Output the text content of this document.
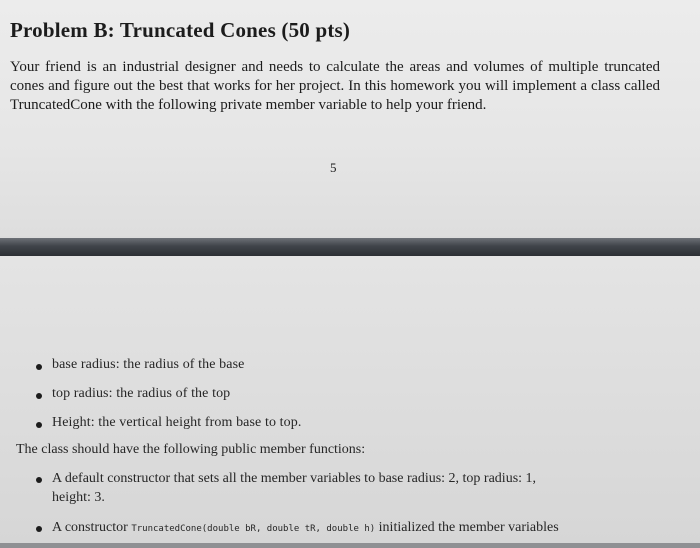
Problem B: Truncated Cones (50 pts)

Your friend is an industrial designer and needs to calculate the areas and volumes of multiple truncated cones and figure out the best that works for her project. In this homework you will implement a class called TruncatedCone with the following private member variable to help your friend.

5
base radius: the radius of the base
top radius: the radius of the top
Height: the vertical height from base to top.
The class should have the following public member functions:
A default constructor that sets all the member variables to base radius: 2, top radius: 1,
height: 3.
A constructor TruncatedCone(double bR, double tR, double h) initialized the member variables
